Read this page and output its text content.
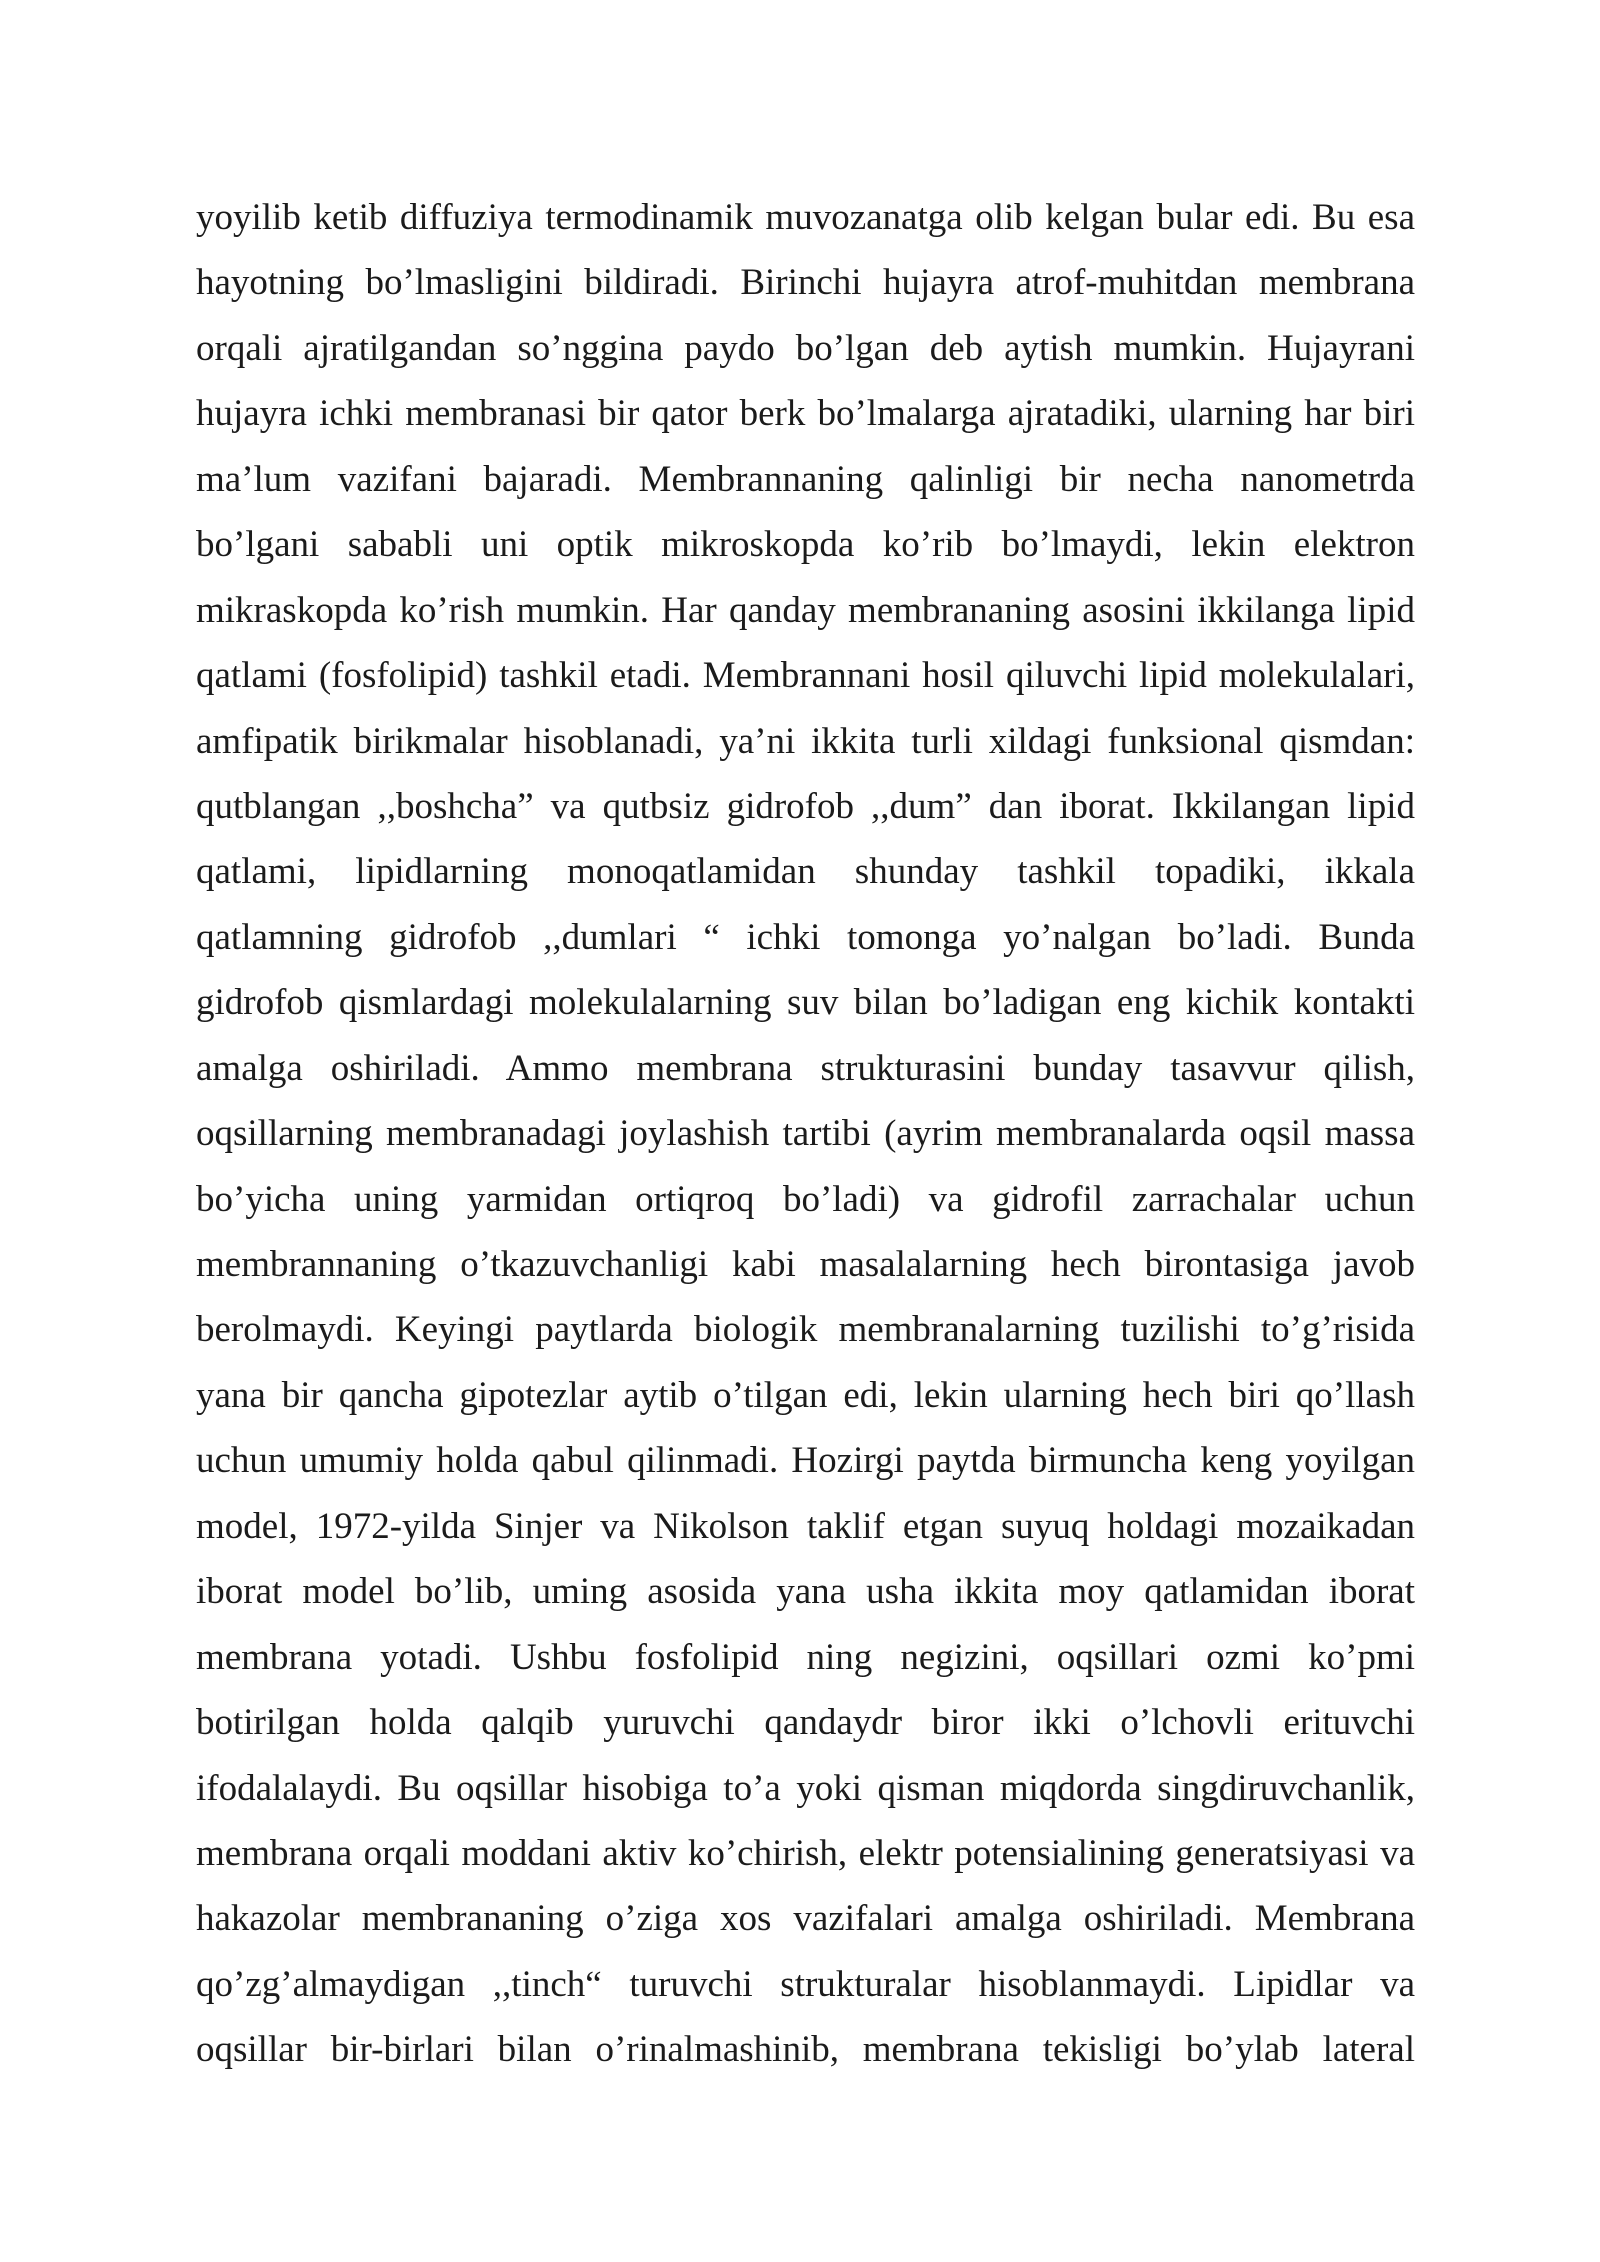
yoyilib ketib diffuziya termodinamik muvozanatga olib kelgan bular edi. Bu esa
hayotning bo’lmasligini bildiradi. Birinchi hujayra atrof-muhitdan membrana
orqali ajratilgandan so’nggina paydo bo’lgan deb aytish mumkin. Hujayrani
hujayra ichki membranasi bir qator berk bo’lmalarga ajratadiki, ularning har biri
ma’lum vazifani bajaradi. Membrannaning qalinligi bir necha nanometrda
bo’lgani sababli uni optik mikroskopda ko’rib bo’lmaydi, lekin elektron
mikraskopda ko’rish mumkin. Har qanday membrananing asosini ikkilanga lipid
qatlami (fosfolipid) tashkil etadi. Membrannani hosil qiluvchi lipid molekulalari,
amfipatik birikmalar hisoblanadi, ya’ni ikkita turli xildagi funksional qismdan:
qutblangan ,,boshcha” va qutbsiz gidrofob ,,dum” dan iborat. Ikkilangan lipid
qatlami, lipidlarning monoqatlamidan shunday tashkil topadiki, ikkala
qatlamning gidrofob ,,dumlari “ ichki tomonga yo’nalgan bo’ladi. Bunda
gidrofob qismlardagi molekulalarning suv bilan bo’ladigan eng kichik kontakti
amalga oshiriladi. Ammo membrana strukturasini bunday tasavvur qilish,
oqsillarning membranadagi joylashish tartibi (ayrim membranalarda oqsil massa
bo’yicha uning yarmidan ortiqroq bo’ladi) va gidrofil zarrachalar uchun
membrannaning o’tkazuvchanligi kabi masalalarning hech birontasiga javob
berolmaydi. Keyingi paytlarda biologik membranalarning tuzilishi to’g’risida
yana bir qancha gipotezlar aytib o’tilgan edi, lekin ularning hech biri qo’llash
uchun umumiy holda qabul qilinmadi. Hozirgi paytda birmuncha keng yoyilgan
model, 1972-yilda Sinjer va Nikolson taklif etgan suyuq holdagi mozaikadan
iborat model bo’lib, uming asosida yana usha ikkita moy qatlamidan iborat
membrana yotadi. Ushbu fosfolipid ning negizini, oqsillari ozmi ko’pmi
botirilgan holda qalqib yuruvchi qandaydr biror ikki o’lchovli erituvchi
ifodalalaydi. Bu oqsillar hisobiga to’a yoki qisman miqdorda singdiruvchanlik,
membrana orqali moddani aktiv ko’chirish, elektr potensialining generatsiyasi va
hakazolar membrananing o’ziga xos vazifalari amalga oshiriladi. Membrana
qo’zg’almaydigan ,,tinch“ turuvchi strukturalar hisoblanmaydi. Lipidlar va
oqsillar bir-birlari bilan o’rinalmashinib, membrana tekisligi bo’ylab lateral
